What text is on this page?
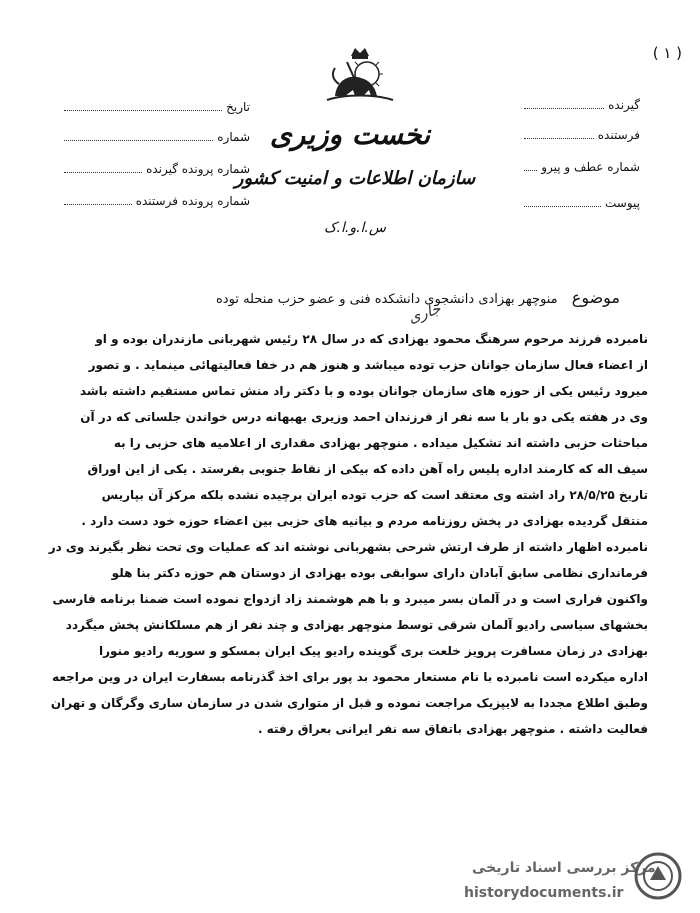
( ۱ )
نخست وزیری
سازمان اطلاعات و امنیت کشور
س.ا.و.ا.ک
گیرنده
فرستنده
شماره عطف و پیرو
پیوست
تاریخ
شماره
شماره پرونده گیرنده
شماره پرونده فرستنده
موضوع منوچهر بهزادی دانشجوی دانشکده فنی و عضو حزب منحله توده
جاری

نامبرده فرزند مرحوم سرهنگ محمود بهزادی که در سال ۲۸ رئیس شهربانی مازندران بوده و او

از اعضاء فعال سازمان جوانان حزب توده میباشد و هنوز هم در خفا فعالیتهائی مینماید . و تصور

میرود رئیس یکی از حوزه های سازمان جوانان بوده و با دکتر راد منش تماس مستقیم داشته باشد

وی در هفته یکی دو بار با سه نفر از فرزندان احمد وزیری بهبهانه درس خواندن جلساتی که در آن

مباحثات حزبی داشته اند تشکیل میداده . منوچهر بهزادی مقداری از اعلامیه های حزبی را به

سیف اله که کارمند اداره پلیس راه آهن داده که بیکی از نقاط جنوبی بفرستد . یکی از این اوراق

تاریخ ۲۸/۵/۲۵ راد اشته وی معتقد است که حزب توده ایران برچیده نشده بلکه مرکز آن بپاریس

منتقل گردیده بهزادی در پخش روزنامه مردم و بیانیه های حزبی بین اعضاء حوزه خود دست دارد .

نامبرده اظهار داشته از طرف ارتش شرحی بشهربانی نوشته اند که عملیات وی تحت نظر بگیرند وی در

فرمانداری نظامی سابق آبادان دارای سوابقی بوده بهزادی از دوستان هم حوزه دکتر بنا هلو

واکنون فراری است و در آلمان بسر میبرد و با هم هوشمند زاد ازدواج نموده است ضمنا برنامه فارسی

بخشهای سیاسی رادیو آلمان شرقی توسط منوچهر بهزادی و چند نفر از هم مسلکانش پخش میگردد

بهزادی در زمان مسافرت پرویز خلعت بری گوینده رادیو پیک ایران بمسکو و سوریه رادیو منورا

اداره میکرده است نامبرده با نام مستعار محمود بد پور برای اخذ گذرنامه بسفارت ایران در وین مراجعه

وطبق اطلاع مجددا به لایپزیک مراجعت نموده و قبل از متواری شدن در سازمان ساری وگرگان و تهران

فعالیت داشته . منوچهر بهزادی باتفاق سه نفر ایرانی بعراق رفته .

مرکز بررسی اسناد تاریخی
historydocuments.ir
